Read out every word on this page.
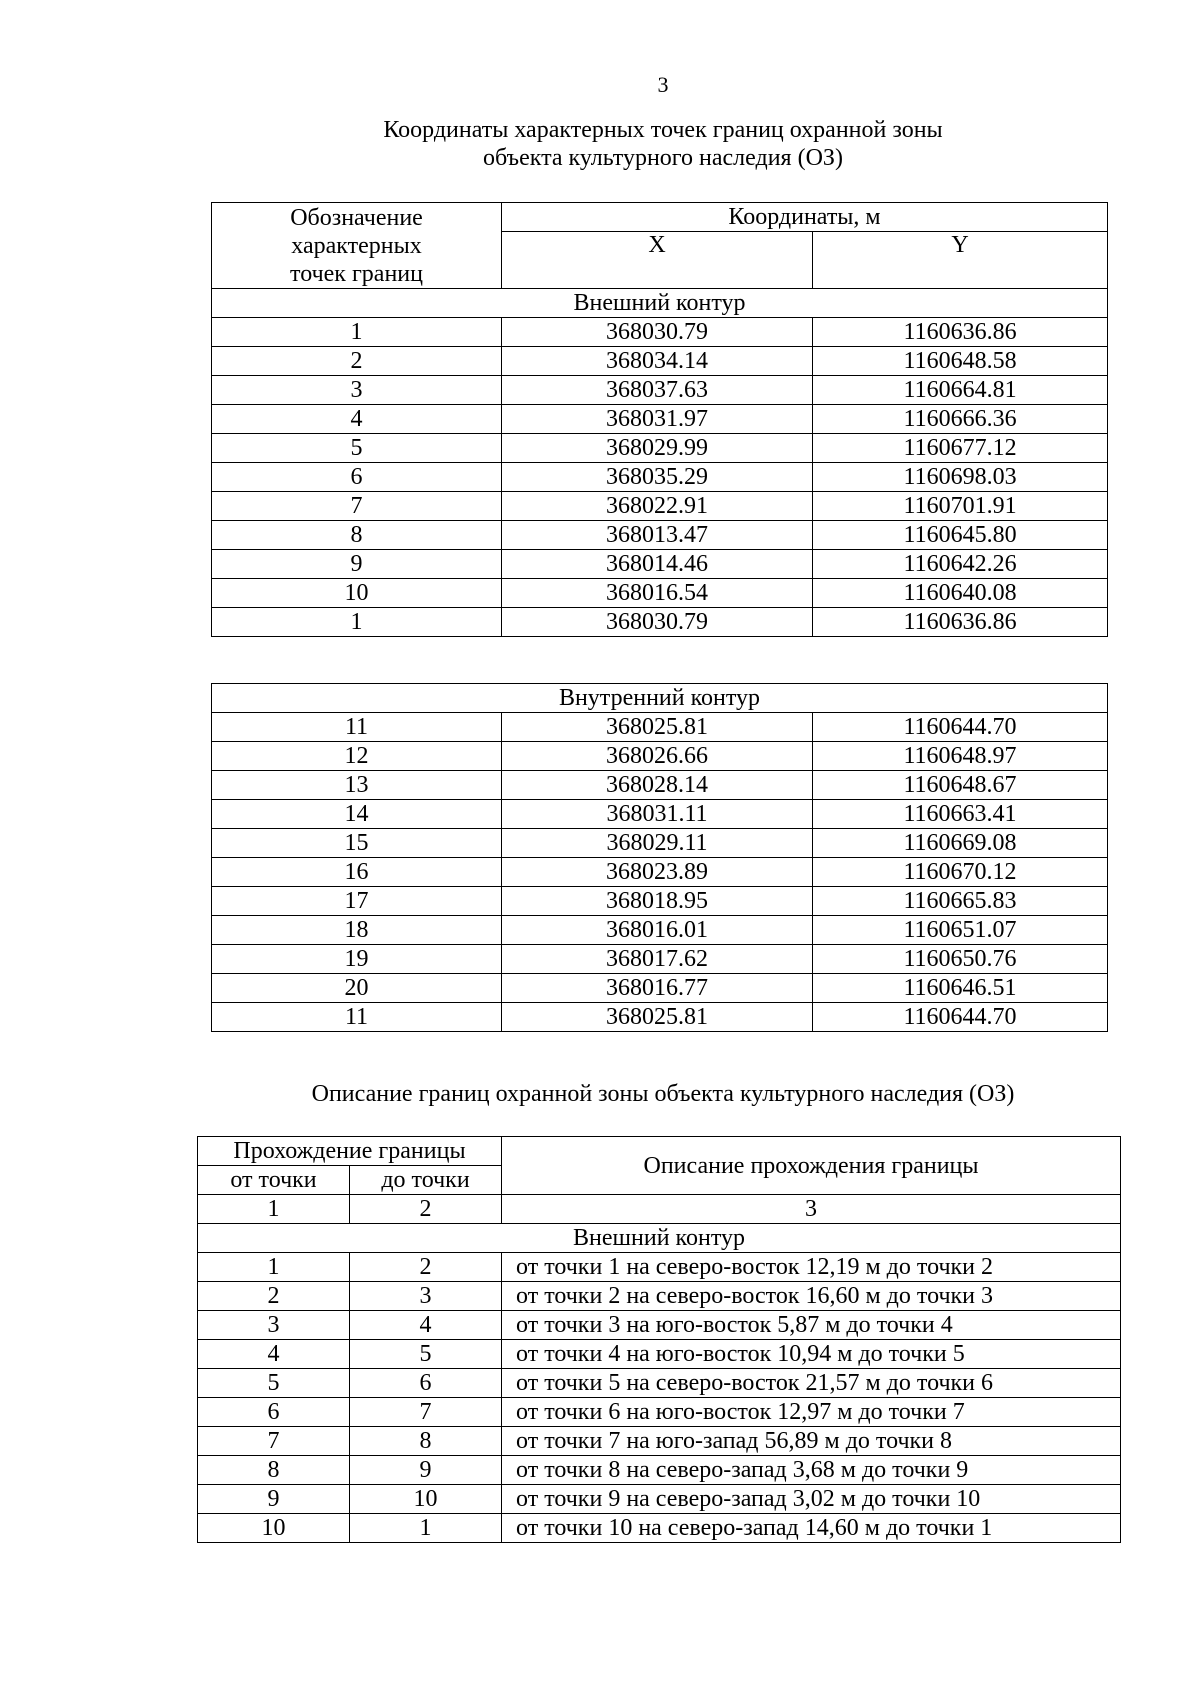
3
Координаты характерных точек границ охранной зоны
объекта культурного наследия (ОЗ)
Обозначение
характерных
точек границ	Координаты, м	
	X	Y
Внешний контур		
1	368030.79	1160636.86
2	368034.14	1160648.58
3	368037.63	1160664.81
4	368031.97	1160666.36
5	368029.99	1160677.12
6	368035.29	1160698.03
7	368022.91	1160701.91
8	368013.47	1160645.80
9	368014.46	1160642.26
10	368016.54	1160640.08
1	368030.79	1160636.86
Внутренний контур		
11	368025.81	1160644.70
12	368026.66	1160648.97
13	368028.14	1160648.67
14	368031.11	1160663.41
15	368029.11	1160669.08
16	368023.89	1160670.12
17	368018.95	1160665.83
18	368016.01	1160651.07
19	368017.62	1160650.76
20	368016.77	1160646.51
11	368025.81	1160644.70
Описание границ охранной зоны объекта культурного наследия (ОЗ)
Прохождение границы		Описание прохождения границы
от точки	до точки	
1	2	3
Внешний контур		
1	2	от точки 1 на северо-восток 12,19 м до точки 2
2	3	от точки 2 на северо-восток 16,60 м до точки 3
3	4	от точки 3 на юго-восток 5,87 м до точки 4
4	5	от точки 4 на юго-восток 10,94 м до точки 5
5	6	от точки 5 на северо-восток 21,57 м до точки 6
6	7	от точки 6 на юго-восток 12,97 м до точки 7
7	8	от точки 7 на юго-запад 56,89 м до точки 8
8	9	от точки 8 на северо-запад 3,68 м до точки 9
9	10	от точки 9 на северо-запад 3,02 м до точки 10
10	1	от точки 10 на северо-запад 14,60 м до точки 1
